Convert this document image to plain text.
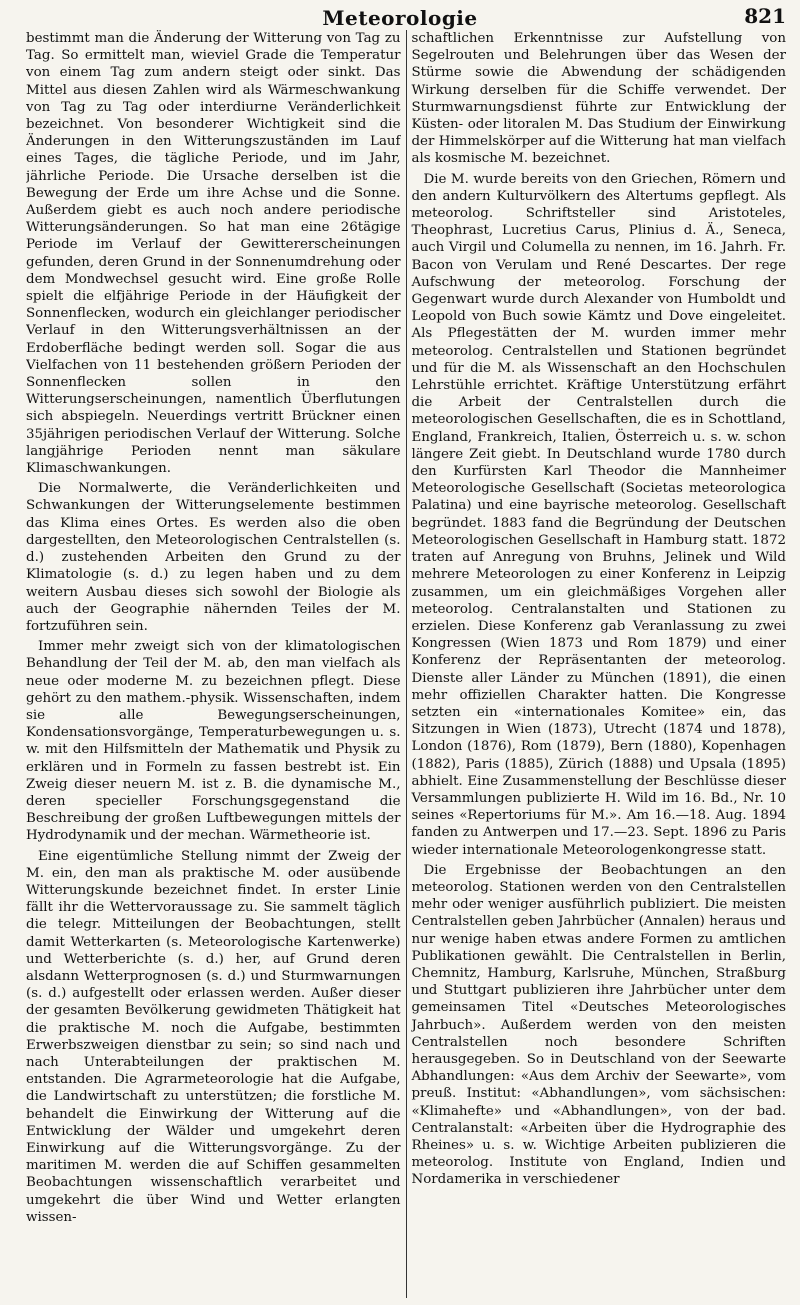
Meteorologie	821

bestimmt man die Änderung der Witterung von Tag zu Tag. So ermittelt man, wieviel Grade die Temperatur von einem Tag zum andern steigt oder sinkt. Das Mittel aus diesen Zahlen wird als Wärmeschwankung von Tag zu Tag oder interdiurne Veränderlichkeit bezeichnet. Von besonderer Wichtigkeit sind die Änderungen in den Witterungszuständen im Lauf eines Tages, die tägliche Periode, und im Jahr, jährliche Periode. Die Ursache derselben ist die Bewegung der Erde um ihre Achse und die Sonne. Außerdem giebt es auch noch andere periodische Witterungsänderungen. So hat man eine 26tägige Periode im Verlauf der Gewittererscheinungen gefunden, deren Grund in der Sonnenumdrehung oder dem Mondwechsel gesucht wird. Eine große Rolle spielt die elfjährige Periode in der Häufigkeit der Sonnenflecken, wodurch ein gleichlanger periodischer Verlauf in den Witterungsverhältnissen an der Erdoberfläche bedingt werden soll. Sogar die aus Vielfachen von 11 bestehenden größern Perioden der Sonnenflecken sollen in den Witterungserscheinungen, namentlich Überflutungen sich abspiegeln. Neuerdings vertritt Brückner einen 35jährigen periodischen Verlauf der Witterung. Solche langjährige Perioden nennt man säkulare Klimaschwankungen.

Die Normalwerte, die Veränderlichkeiten und Schwankungen der Witterungselemente bestimmen das Klima eines Ortes. Es werden also die oben dargestellten, den Meteorologischen Centralstellen (s. d.) zustehenden Arbeiten den Grund zu der Klimatologie (s. d.) zu legen haben und zu dem weitern Ausbau dieses sich sowohl der Biologie als auch der Geographie nähernden Teiles der M. fortzuführen sein.

Immer mehr zweigt sich von der klimatologischen Behandlung der Teil der M. ab, den man vielfach als neue oder moderne M. zu bezeichnen pflegt. Diese gehört zu den mathem.-physik. Wissenschaften, indem sie alle Bewegungserscheinungen, Kondensationsvorgänge, Temperaturbewegungen u. s. w. mit den Hilfsmitteln der Mathematik und Physik zu erklären und in Formeln zu fassen bestrebt ist. Ein Zweig dieser neuern M. ist z. B. die dynamische M., deren specieller Forschungsgegenstand die Beschreibung der großen Luftbewegungen mittels der Hydrodynamik und der mechan. Wärmetheorie ist.

Eine eigentümliche Stellung nimmt der Zweig der M. ein, den man als praktische M. oder ausübende Witterungskunde bezeichnet findet. In erster Linie fällt ihr die Wettervoraussage zu. Sie sammelt täglich die telegr. Mitteilungen der Beobachtungen, stellt damit Wetterkarten (s. Meteorologische Kartenwerke) und Wetterberichte (s. d.) her, auf Grund deren alsdann Wetterprognosen (s. d.) und Sturmwarnungen (s. d.) aufgestellt oder erlassen werden. Außer dieser der gesamten Bevölkerung gewidmeten Thätigkeit hat die praktische M. noch die Aufgabe, bestimmten Erwerbszweigen dienstbar zu sein; so sind nach und nach Unterabteilungen der praktischen M. entstanden. Die Agrarmeteorologie hat die Aufgabe, die Landwirtschaft zu unterstützen; die forstliche M. behandelt die Einwirkung der Witterung auf die Entwicklung der Wälder und umgekehrt deren Einwirkung auf die Witterungsvorgänge. Zu der maritimen M. werden die auf Schiffen gesammelten Beobachtungen wissenschaftlich verarbeitet und umgekehrt die über Wind und Wetter erlangten wissen-

schaftlichen Erkenntnisse zur Aufstellung von Segelrouten und Belehrungen über das Wesen der Stürme sowie die Abwendung der schädigenden Wirkung derselben für die Schiffe verwendet. Der Sturmwarnungsdienst führte zur Entwicklung der Küsten- oder litoralen M. Das Studium der Einwirkung der Himmelskörper auf die Witterung hat man vielfach als kosmische M. bezeichnet.

Die M. wurde bereits von den Griechen, Römern und den andern Kulturvölkern des Altertums gepflegt. Als meteorolog. Schriftsteller sind Aristoteles, Theophrast, Lucretius Carus, Plinius d. Ä., Seneca, auch Virgil und Columella zu nennen, im 16. Jahrh. Fr. Bacon von Verulam und René Descartes. Der rege Aufschwung der meteorolog. Forschung der Gegenwart wurde durch Alexander von Humboldt und Leopold von Buch sowie Kämtz und Dove eingeleitet. Als Pflegestätten der M. wurden immer mehr meteorolog. Centralstellen und Stationen begründet und für die M. als Wissenschaft an den Hochschulen Lehrstühle errichtet. Kräftige Unterstützung erfährt die Arbeit der Centralstellen durch die meteorologischen Gesellschaften, die es in Schottland, England, Frankreich, Italien, Österreich u. s. w. schon längere Zeit giebt. In Deutschland wurde 1780 durch den Kurfürsten Karl Theodor die Mannheimer Meteorologische Gesellschaft (Societas meteorologica Palatina) und eine bayrische meteorolog. Gesellschaft begründet. 1883 fand die Begründung der Deutschen Meteorologischen Gesellschaft in Hamburg statt. 1872 traten auf Anregung von Bruhns, Jelinek und Wild mehrere Meteorologen zu einer Konferenz in Leipzig zusammen, um ein gleichmäßiges Vorgehen aller meteorolog. Centralanstalten und Stationen zu erzielen. Diese Konferenz gab Veranlassung zu zwei Kongressen (Wien 1873 und Rom 1879) und einer Konferenz der Repräsentanten der meteorolog. Dienste aller Länder zu München (1891), die einen mehr offiziellen Charakter hatten. Die Kongresse setzten ein «internationales Komitee» ein, das Sitzungen in Wien (1873), Utrecht (1874 und 1878), London (1876), Rom (1879), Bern (1880), Kopenhagen (1882), Paris (1885), Zürich (1888) und Upsala (1895) abhielt. Eine Zusammenstellung der Beschlüsse dieser Versammlungen publizierte H. Wild im 16. Bd., Nr. 10 seines «Repertoriums für M.». Am 16.—18. Aug. 1894 fanden zu Antwerpen und 17.—23. Sept. 1896 zu Paris wieder internationale Meteorologenkongresse statt.

Die Ergebnisse der Beobachtungen an den meteorolog. Stationen werden von den Centralstellen mehr oder weniger ausführlich publiziert. Die meisten Centralstellen geben Jahrbücher (Annalen) heraus und nur wenige haben etwas andere Formen zu amtlichen Publikationen gewählt. Die Centralstellen in Berlin, Chemnitz, Hamburg, Karlsruhe, München, Straßburg und Stuttgart publizieren ihre Jahrbücher unter dem gemeinsamen Titel «Deutsches Meteorologisches Jahrbuch». Außerdem werden von den meisten Centralstellen noch besondere Schriften herausgegeben. So in Deutschland von der Seewarte Abhandlungen: «Aus dem Archiv der Seewarte», vom preuß. Institut: «Abhandlungen», vom sächsischen: «Klimahefte» und «Abhandlungen», von der bad. Centralanstalt: «Arbeiten über die Hydrographie des Rheines» u. s. w. Wichtige Arbeiten publizieren die meteorolog. Institute von England, Indien und Nordamerika in verschiedener
